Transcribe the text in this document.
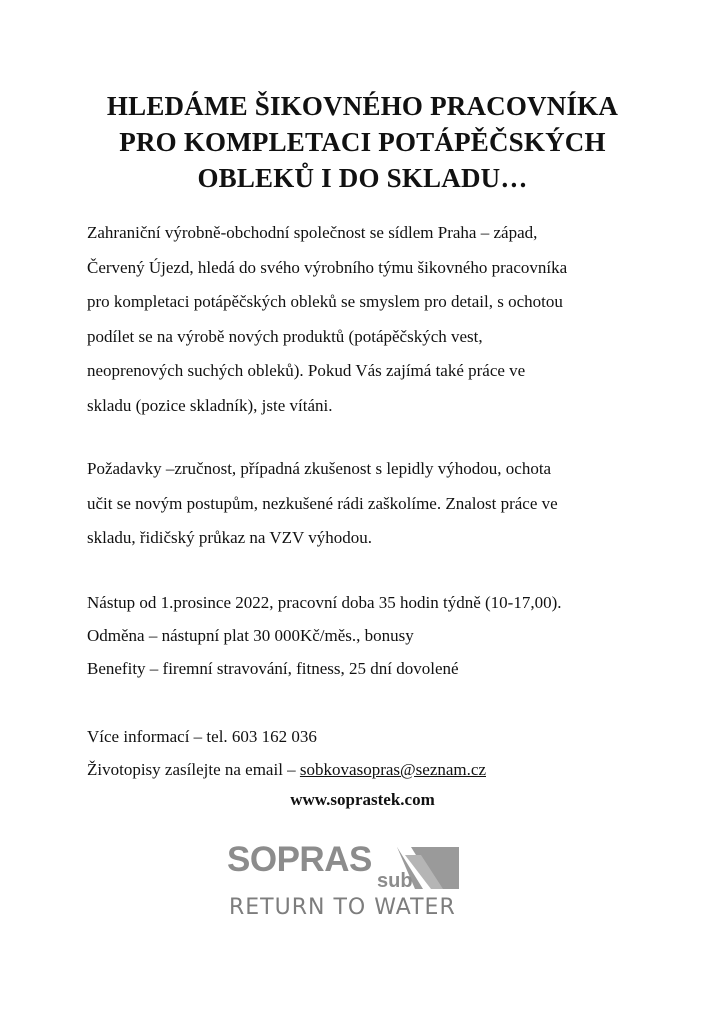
HLEDÁME ŠIKOVNÉHO PRACOVNÍKA
PRO KOMPLETACI POTÁPĚČSKÝCH
OBLEKŮ I DO SKLADU…
Zahraniční výrobně-obchodní společnost se sídlem Praha – západ,
Červený Újezd, hledá do svého výrobního týmu šikovného pracovníka
pro kompletaci potápěčských obleků se smyslem pro detail, s ochotou
podílet se na výrobě nových produktů (potápěčských vest,
neoprenových suchých obleků). Pokud Vás zajímá také práce ve
skladu (pozice skladník), jste vítáni.
Požadavky –zručnost, případná zkušenost s lepidly výhodou, ochota
učit se novým postupům, nezkušené rádi zaškolíme. Znalost práce ve
skladu, řidičský průkaz na VZV výhodou.
Nástup od 1.prosince 2022, pracovní doba 35 hodin týdně (10-17,00).
Odměna – nástupní plat 30 000Kč/měs., bonusy
Benefity – firemní stravování, fitness, 25 dní dovolené
Více informací – tel. 603 162 036
Životopisy zasílejte na email – sobkovasopras@seznam.cz
www.soprastek.com
SOPRAS
sub
RETURN TO WATER
